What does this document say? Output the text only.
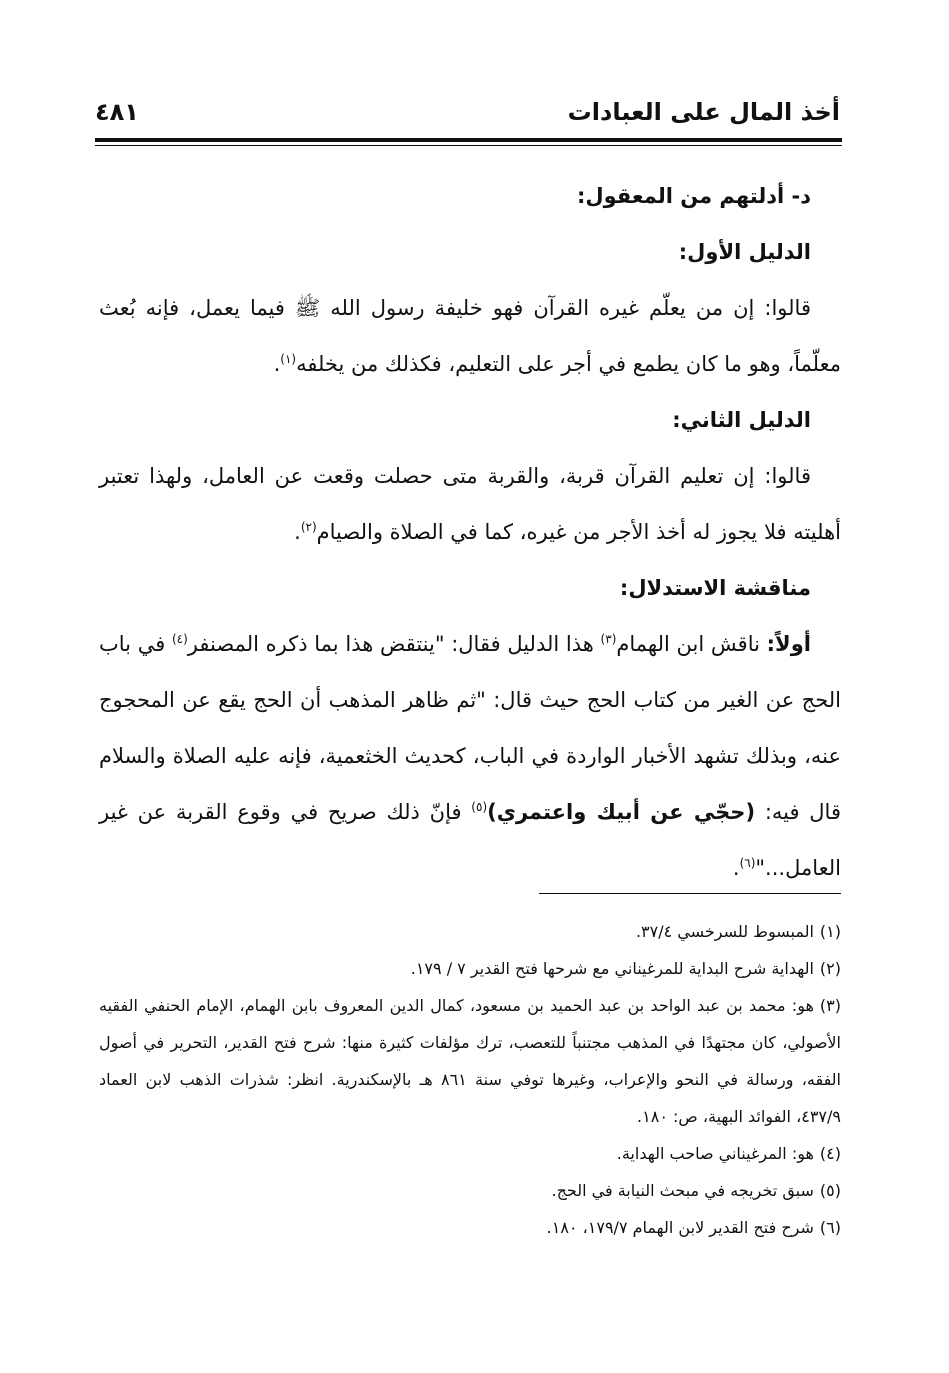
أخذ المال على العبادات
٤٨١

د- أدلتهم من المعقول:

الدليل الأول:

قالوا: إن من يعلّم غيره القرآن فهو خليفة رسول الله ﷺ فيما يعمل، فإنه بُعث معلّماً، وهو ما كان يطمع في أجر على التعليم، فكذلك من يخلفه$^{(١)}$.

الدليل الثاني:

قالوا: إن تعليم القرآن قربة، والقربة متى حصلت وقعت عن العامل، ولهذا تعتبر أهليته فلا يجوز له أخذ الأجر من غيره، كما في الصلاة والصيام$^{(٢)}$.

مناقشة الاستدلال:

أولاً: ناقش ابن الهمام$^{(٣)}$ هذا الدليل فقال: "ينتقض هذا بما ذكره المصنفر$^{(٤)}$ في باب الحج عن الغير من كتاب الحج حيث قال: "ثم ظاهر المذهب أن الحج يقع عن المحجوج عنه، وبذلك تشهد الأخبار الواردة في الباب، كحديث الخثعمية، فإنه عليه الصلاة والسلام قال فيه: (حجّي عن أبيك واعتمري)$^{(٥)}$ فإنّ ذلك صريح في وقوع القربة عن غير العامل..."$^{(٦)}$.

(١)المبسوط للسرخسي ٣٧/٤.

(٢)الهداية شرح البداية للمرغيناني مع شرحها فتح القدير ٧ / ١٧٩.

(٣)هو: محمد بن عبد الواحد بن عبد الحميد بن مسعود، كمال الدين المعروف بابن الهمام، الإمام الحنفي الفقيه الأصولي، كان مجتهدًا في المذهب مجتنباً للتعصب، ترك مؤلفات كثيرة منها: شرح فتح القدير، التحرير في أصول الفقه، ورسالة في النحو والإعراب، وغيرها توفي سنة ٨٦١ هـ بالإسكندرية. انظر: شذرات الذهب لابن العماد ٤٣٧/٩، الفوائد البهية، ص: ١٨٠.

(٤)هو: المرغيناني صاحب الهداية.

(٥)سبق تخريجه في مبحث النيابة في الحج.

(٦)شرح فتح القدير لابن الهمام ١٧٩/٧، ١٨٠.
